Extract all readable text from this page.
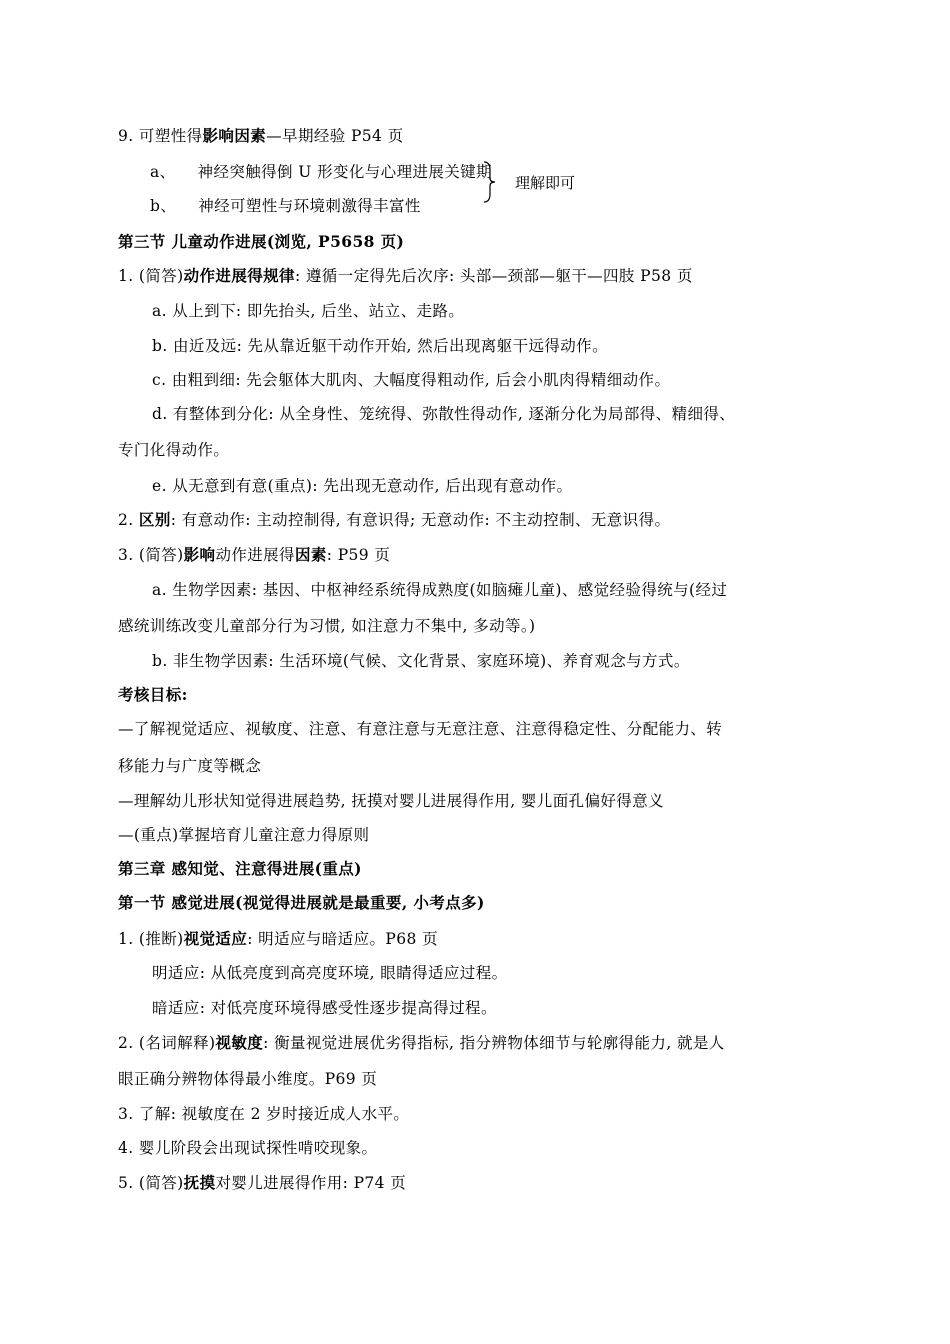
9. 可塑性得影响因素—早期经验 P54 页
a、 神经突触得倒 U 形变化与心理进展关键期
b、 神经可塑性与环境刺激得丰富性
理解即可
第三节 儿童动作进展(浏览, P5658 页)
1. (简答)动作进展得规律: 遵循一定得先后次序: 头部—颈部—躯干—四肢 P58 页
a. 从上到下: 即先抬头, 后坐、站立、走路。
b. 由近及远: 先从靠近躯干动作开始, 然后出现离躯干远得动作。
c. 由粗到细: 先会躯体大肌肉、大幅度得粗动作, 后会小肌肉得精细动作。
d. 有整体到分化: 从全身性、笼统得、弥散性得动作, 逐渐分化为局部得、精细得、
专门化得动作。
e. 从无意到有意(重点): 先出现无意动作, 后出现有意动作。
2. 区别: 有意动作: 主动控制得, 有意识得; 无意动作: 不主动控制、无意识得。
3. (简答)影响动作进展得因素: P59 页
a. 生物学因素: 基因、中枢神经系统得成熟度(如脑瘫儿童)、感觉经验得统与(经过
感统训练改变儿童部分行为习惯, 如注意力不集中, 多动等。)
b. 非生物学因素: 生活环境(气候、文化背景、家庭环境)、养育观念与方式。
考核目标:
—了解视觉适应、视敏度、注意、有意注意与无意注意、注意得稳定性、分配能力、转
移能力与广度等概念
—理解幼儿形状知觉得进展趋势, 抚摸对婴儿进展得作用, 婴儿面孔偏好得意义
—(重点)掌握培育儿童注意力得原则
第三章 感知觉、注意得进展(重点)
第一节 感觉进展(视觉得进展就是最重要, 小考点多)
1. (推断)视觉适应: 明适应与暗适应。P68 页
明适应: 从低亮度到高亮度环境, 眼睛得适应过程。
暗适应: 对低亮度环境得感受性逐步提高得过程。
2. (名词解释)视敏度: 衡量视觉进展优劣得指标, 指分辨物体细节与轮廓得能力, 就是人
眼正确分辨物体得最小维度。P69 页
3. 了解: 视敏度在 2 岁时接近成人水平。
4. 婴儿阶段会出现试探性啃咬现象。
5. (简答)抚摸对婴儿进展得作用: P74 页
